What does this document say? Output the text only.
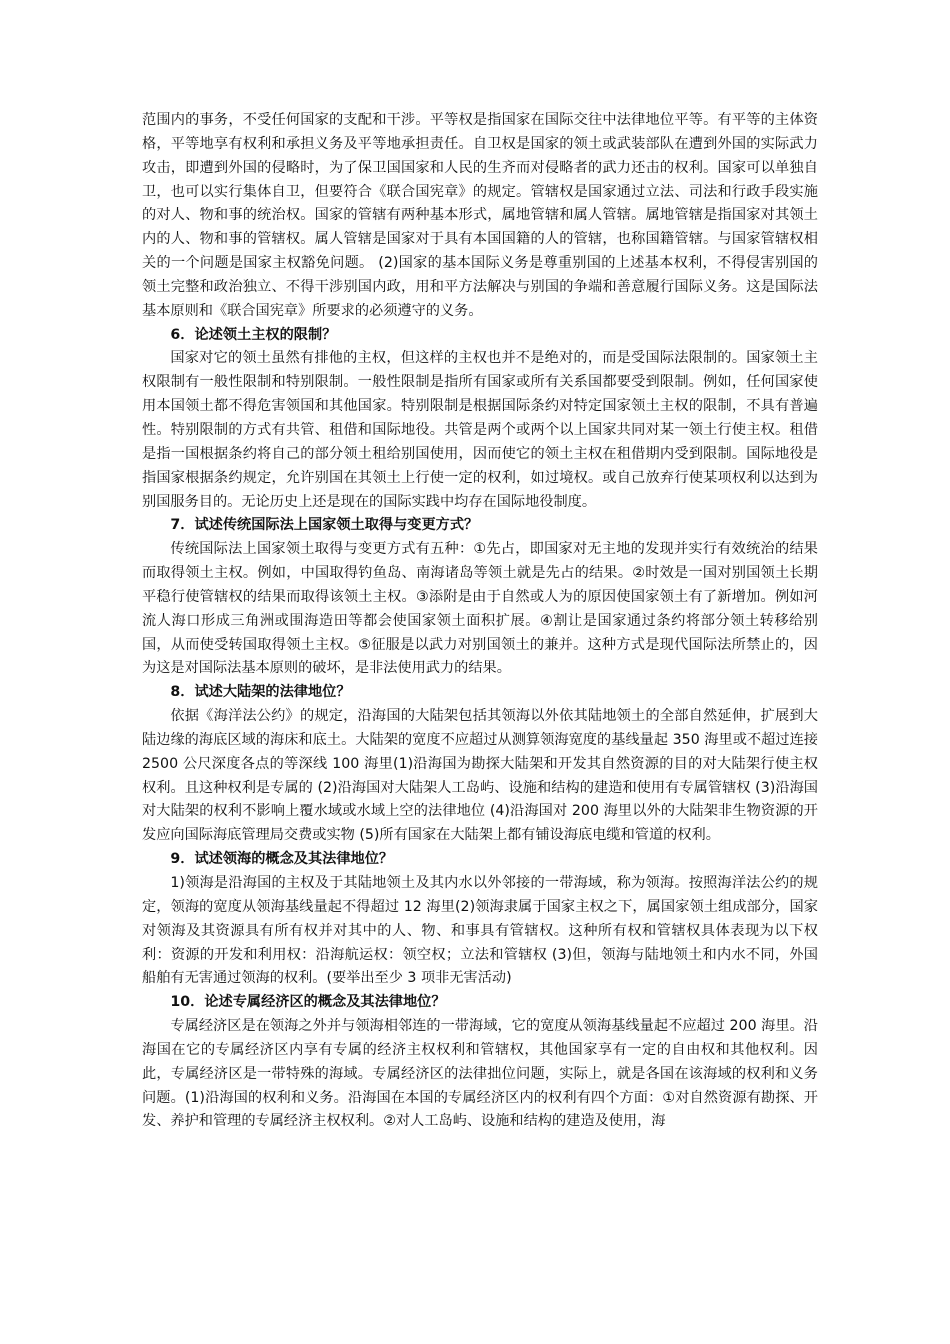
范围内的事务，不受任何国家的支配和干涉。平等权是指国家在国际交往中法律地位平等。有平等的主体资格，平等地享有权利和承担义务及平等地承担责任。自卫权是国家的领土或武装部队在遭到外国的实际武力攻击，即遭到外国的侵略时，为了保卫国国家和人民的生齐而对侵略者的武力还击的权利。国家可以单独自卫，也可以实行集体自卫，但要符合《联合国宪章》的规定。管辖权是国家通过立法、司法和行政手段实施的对人、物和事的统治权。国家的管辖有两种基本形式，属地管辖和属人管辖。属地管辖是指国家对其领土内的人、物和事的管辖权。属人管辖是国家对于具有本国国籍的人的管辖，也称国籍管辖。与国家管辖权相关的一个问题是国家主权豁免问题。 (2)国家的基本国际义务是尊重别国的上述基本权利，不得侵害别国的领土完整和政治独立、不得干涉别国内政，用和平方法解决与别国的争端和善意履行国际义务。这是国际法基本原则和《联合国宪章》所要求的必须遵守的义务。

6．论述领土主权的限制？

国家对它的领土虽然有排他的主权，但这样的主权也并不是绝对的，而是受国际法限制的。国家领土主权限制有一般性限制和特别限制。一般性限制是指所有国家或所有关系国都要受到限制。例如，任何国家使用本国领土都不得危害领国和其他国家。特别限制是根据国际条约对特定国家领土主权的限制，不具有普遍性。特别限制的方式有共管、租借和国际地役。共管是两个或两个以上国家共同对某一领土行使主权。租借是指一国根据条约将自己的部分领土租给别国使用，因而使它的领土主权在租借期内受到限制。国际地役是指国家根据条约规定，允许别国在其领土上行使一定的权利，如过境权。或自己放弃行使某项权利以达到为别国服务目的。无论历史上还是现在的国际实践中均存在国际地役制度。

7．试述传统国际法上国家领土取得与变更方式？

传统国际法上国家领土取得与变更方式有五种：①先占，即国家对无主地的发现并实行有效统治的结果而取得领土主权。例如，中国取得钓鱼岛、南海诸岛等领土就是先占的结果。②时效是一国对别国领土长期平稳行使管辖权的结果而取得该领土主权。③添附是由于自然或人为的原因使国家领土有了新增加。例如河流人海口形成三角洲或围海造田等都会使国家领土面积扩展。④割让是国家通过条约将部分领土转移给别国，从而使受转国取得领土主权。⑤征服是以武力对别国领土的兼并。这种方式是现代国际法所禁止的，因为这是对国际法基本原则的破坏，是非法使用武力的结果。

8．试述大陆架的法律地位？

依据《海洋法公约》的规定，沿海国的大陆架包括其领海以外依其陆地领土的全部自然延伸，扩展到大陆边缘的海底区域的海床和底土。大陆架的宽度不应超过从测算领海宽度的基线量起 350 海里或不超过连接 2500 公尺深度各点的等深线 100 海里(1)沿海国为勘探大陆架和开发其自然资源的目的对大陆架行使主权权利。且这种权利是专属的 (2)沿海国对大陆架人工岛屿、设施和结构的建造和使用有专属管辖权 (3)沿海国对大陆架的权利不影响上覆水域或水域上空的法律地位 (4)沿海国对 200 海里以外的大陆架非生物资源的开发应向国际海底管理局交费或实物 (5)所有国家在大陆架上都有铺设海底电缆和管道的权利。

9．试述领海的概念及其法律地位？

1)领海是沿海国的主权及于其陆地领土及其内水以外邻接的一带海域，称为领海。按照海洋法公约的规定，领海的宽度从领海基线量起不得超过 12 海里(2)领海隶属于国家主权之下，属国家领土组成部分，国家对领海及其资源具有所有权并对其中的人、物、和事具有管辖权。这种所有权和管辖权具体表现为以下权利：资源的开发和利用权：沿海航运权：领空权；立法和管辖权 (3)但，领海与陆地领土和内水不同，外国船舶有无害通过领海的权利。(要举出至少 3 项非无害活动)

10．论述专属经济区的概念及其法律地位？

专属经济区是在领海之外并与领海相邻连的一带海域，它的宽度从领海基线量起不应超过 200 海里。沿海国在它的专属经济区内享有专属的经济主权权利和管辖权，其他国家享有一定的自由权和其他权利。因此，专属经济区是一带特殊的海域。专属经济区的法律拙位问题，实际上，就是各国在该海域的权利和义务问题。(1)沿海国的权利和义务。沿海国在本国的专属经济区内的权利有四个方面：①对自然资源有勘探、开发、养护和管理的专属经济主权权利。②对人工岛屿、设施和结构的建造及使用，海
